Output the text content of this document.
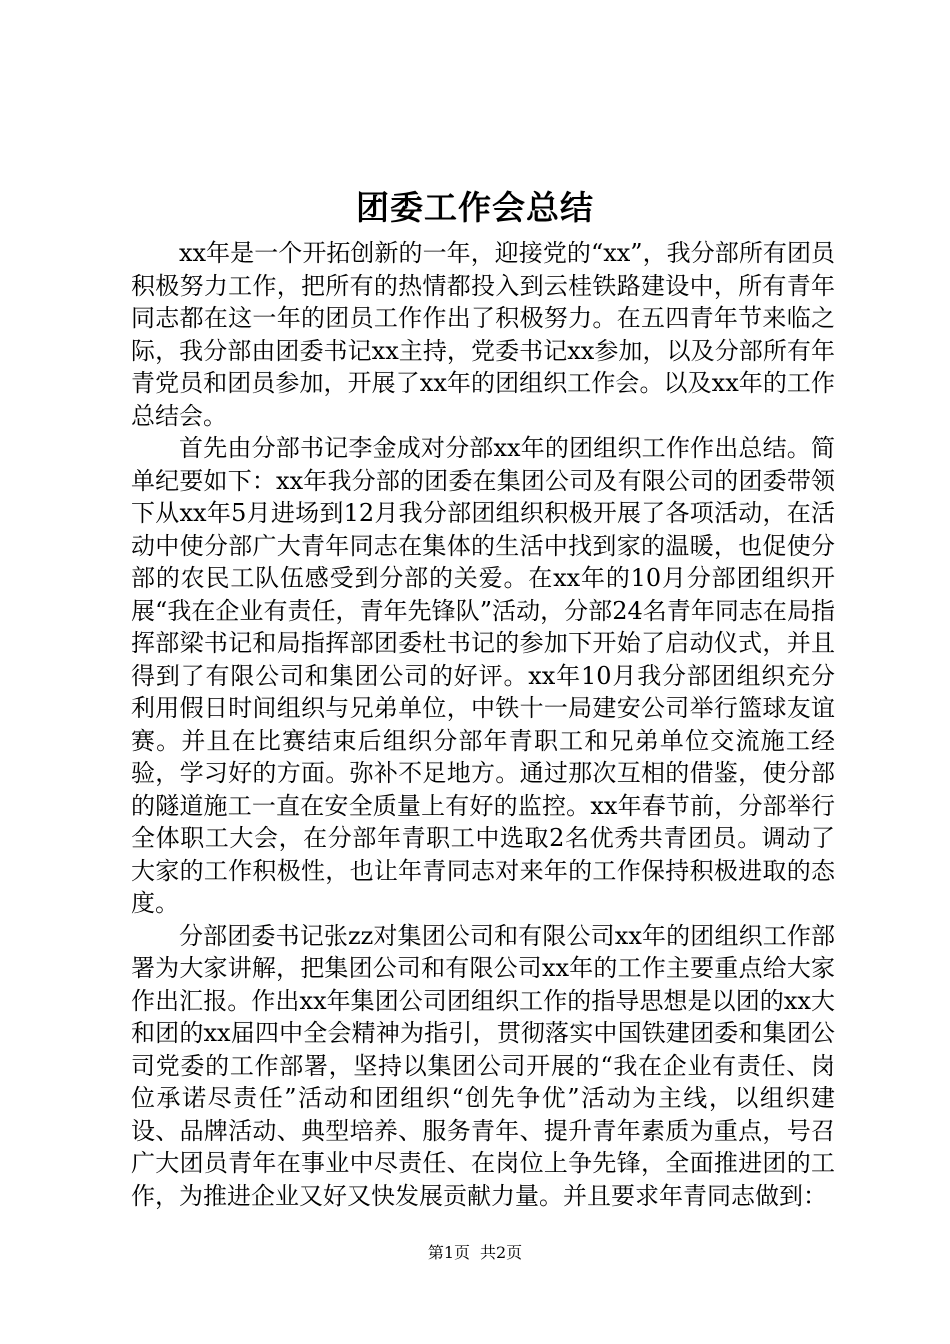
团委工作会总结

xx年是一个开拓创新的一年，迎接党的“xx”，我分部所有团员积极努力工作，把所有的热情都投入到云桂铁路建设中，所有青年同志都在这一年的团员工作作出了积极努力。在五四青年节来临之际，我分部由团委书记xx主持，党委书记xx参加，以及分部所有年青党员和团员参加，开展了xx年的团组织工作会。以及xx年的工作总结会。

首先由分部书记李金成对分部xx年的团组织工作作出总结。简单纪要如下：xx年我分部的团委在集团公司及有限公司的团委带领下从xx年5月进场到12月我分部团组织积极开展了各项活动，在活动中使分部广大青年同志在集体的生活中找到家的温暖，也促使分部的农民工队伍感受到分部的关爱。在xx年的10月分部团组织开展“我在企业有责任，青年先锋队”活动，分部24名青年同志在局指挥部梁书记和局指挥部团委杜书记的参加下开始了启动仪式，并且得到了有限公司和集团公司的好评。xx年10月我分部团组织充分利用假日时间组织与兄弟单位，中铁十一局建安公司举行篮球友谊赛。并且在比赛结束后组织分部年青职工和兄弟单位交流施工经验，学习好的方面。弥补不足地方。通过那次互相的借鉴，使分部的隧道施工一直在安全质量上有好的监控。xx年春节前，分部举行全体职工大会，在分部年青职工中选取2名优秀共青团员。调动了大家的工作积极性，也让年青同志对来年的工作保持积极进取的态度。

分部团委书记张zz对集团公司和有限公司xx年的团组织工作部署为大家讲解，把集团公司和有限公司xx年的工作主要重点给大家作出汇报。作出xx年集团公司团组织工作的指导思想是以团的xx大和团的xx届四中全会精神为指引，贯彻落实中国铁建团委和集团公司党委的工作部署，坚持以集团公司开展的“我在企业有责任、岗位承诺尽责任”活动和团组织“创先争优”活动为主线，以组织建设、品牌活动、典型培养、服务青年、提升青年素质为重点，号召广大团员青年在事业中尽责任、在岗位上争先锋，全面推进团的工作，为推进企业又好又快发展贡献力量。并且要求年青同志做到：

第1页 共2页
